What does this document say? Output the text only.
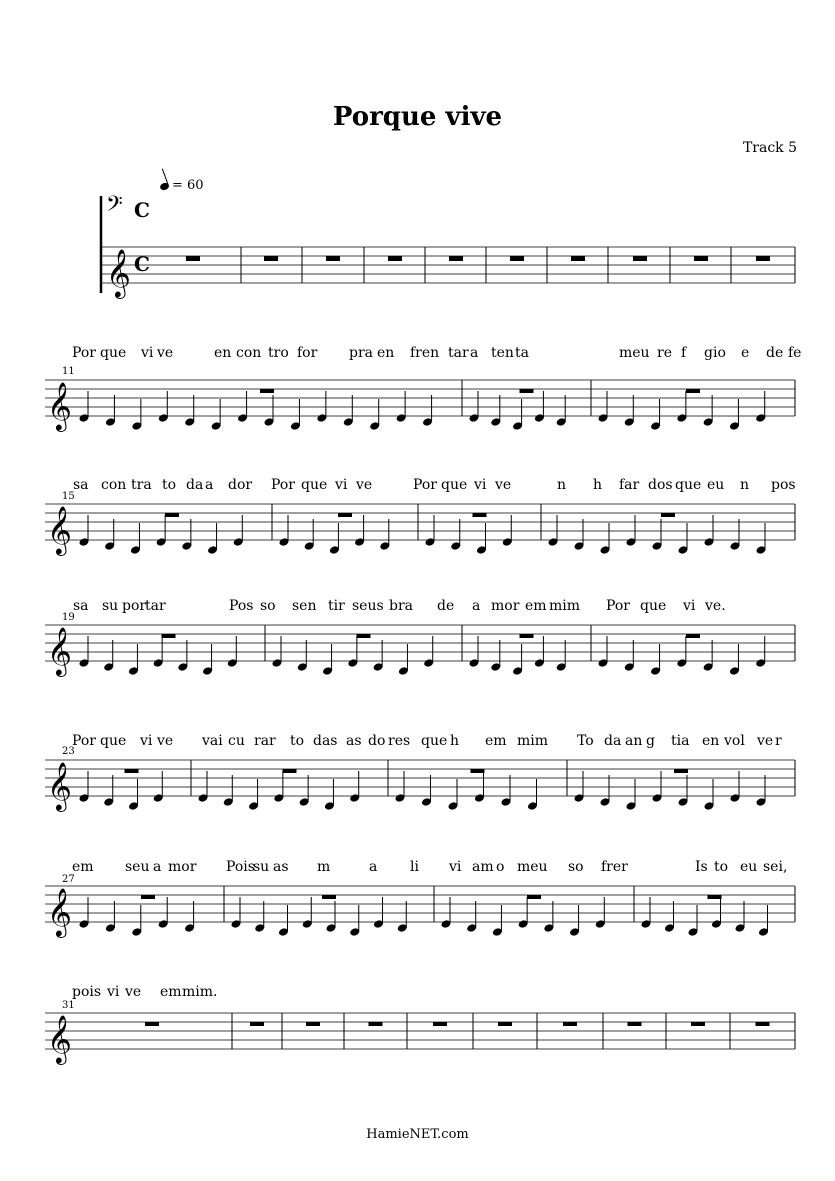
Porque vive
Track 5
= 60
𝄢 C
𝄞 C
𝄞
𝄞
𝄞
𝄞
𝄞
𝄞
Por que vi ve	en con tro for pra en fren tar a ten ta	meu re f gio e de fe
sa con tra to da a dor Por que vi ve	Por que vi ve	n h far dos que eu n pos
sa su por
tar	Pos so sen tir seus bra de a mor em mim Por que vi ve.
Por que vi ve vai cu rar to das as do res que h em mim To da an g tia en vol ve r
em seu a mor Pois
su as m	a li vi am o meu so frer	Is to eu sei,
pois vi ve em mim.
11
15
19
23
27
31
HamieNET.com
